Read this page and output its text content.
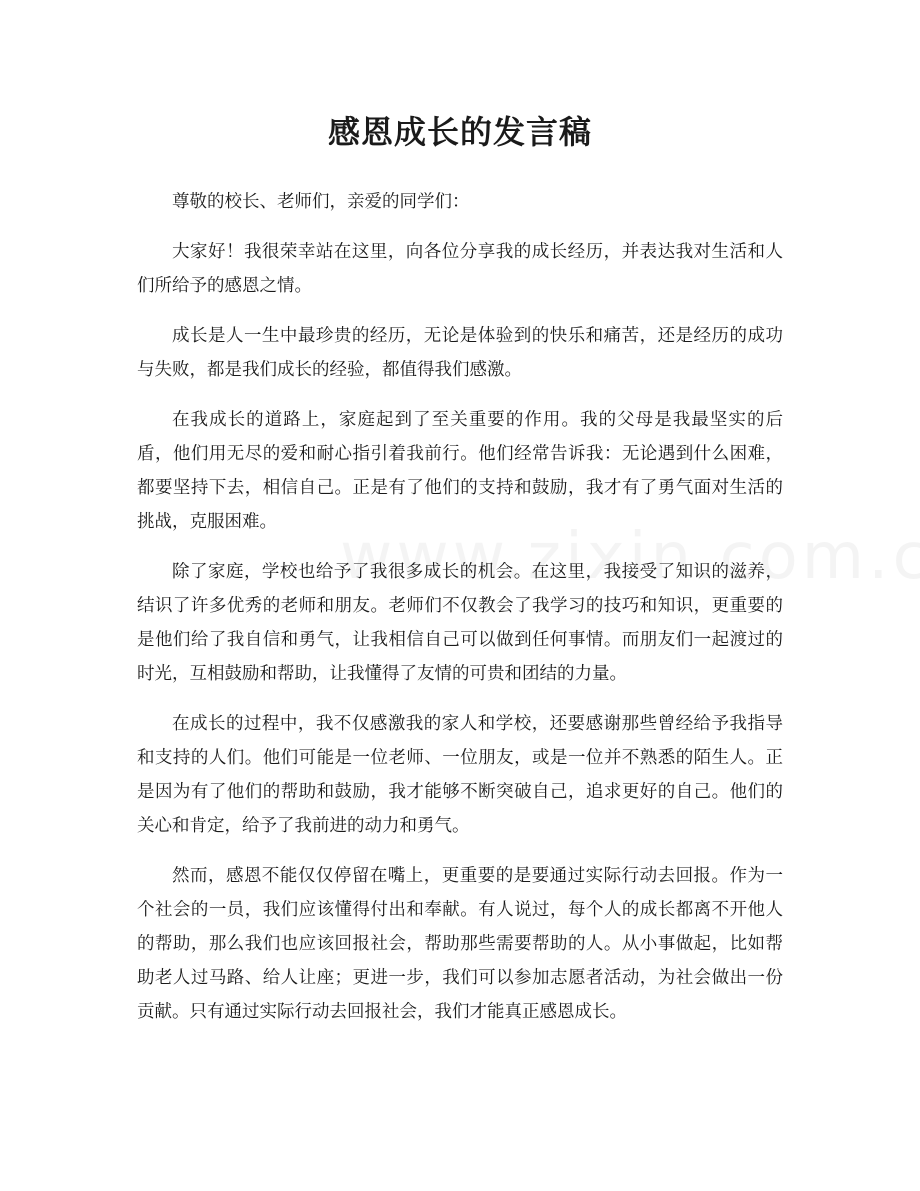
感恩成长的发言稿

尊敬的校长、老师们，亲爱的同学们：

大家好！我很荣幸站在这里，向各位分享我的成长经历，并表达我对生活和人们所给予的感恩之情。

成长是人一生中最珍贵的经历，无论是体验到的快乐和痛苦，还是经历的成功与失败，都是我们成长的经验，都值得我们感激。

在我成长的道路上，家庭起到了至关重要的作用。我的父母是我最坚实的后盾，他们用无尽的爱和耐心指引着我前行。他们经常告诉我：无论遇到什么困难，都要坚持下去，相信自己。正是有了他们的支持和鼓励，我才有了勇气面对生活的挑战，克服困难。

除了家庭，学校也给予了我很多成长的机会。在这里，我接受了知识的滋养，结识了许多优秀的老师和朋友。老师们不仅教会了我学习的技巧和知识，更重要的是他们给了我自信和勇气，让我相信自己可以做到任何事情。而朋友们一起渡过的时光，互相鼓励和帮助，让我懂得了友情的可贵和团结的力量。

在成长的过程中，我不仅感激我的家人和学校，还要感谢那些曾经给予我指导和支持的人们。他们可能是一位老师、一位朋友，或是一位并不熟悉的陌生人。正是因为有了他们的帮助和鼓励，我才能够不断突破自己，追求更好的自己。他们的关心和肯定，给予了我前进的动力和勇气。

然而，感恩不能仅仅停留在嘴上，更重要的是要通过实际行动去回报。作为一个社会的一员，我们应该懂得付出和奉献。有人说过，每个人的成长都离不开他人的帮助，那么我们也应该回报社会，帮助那些需要帮助的人。从小事做起，比如帮助老人过马路、给人让座；更进一步，我们可以参加志愿者活动，为社会做出一份贡献。只有通过实际行动去回报社会，我们才能真正感恩成长。
